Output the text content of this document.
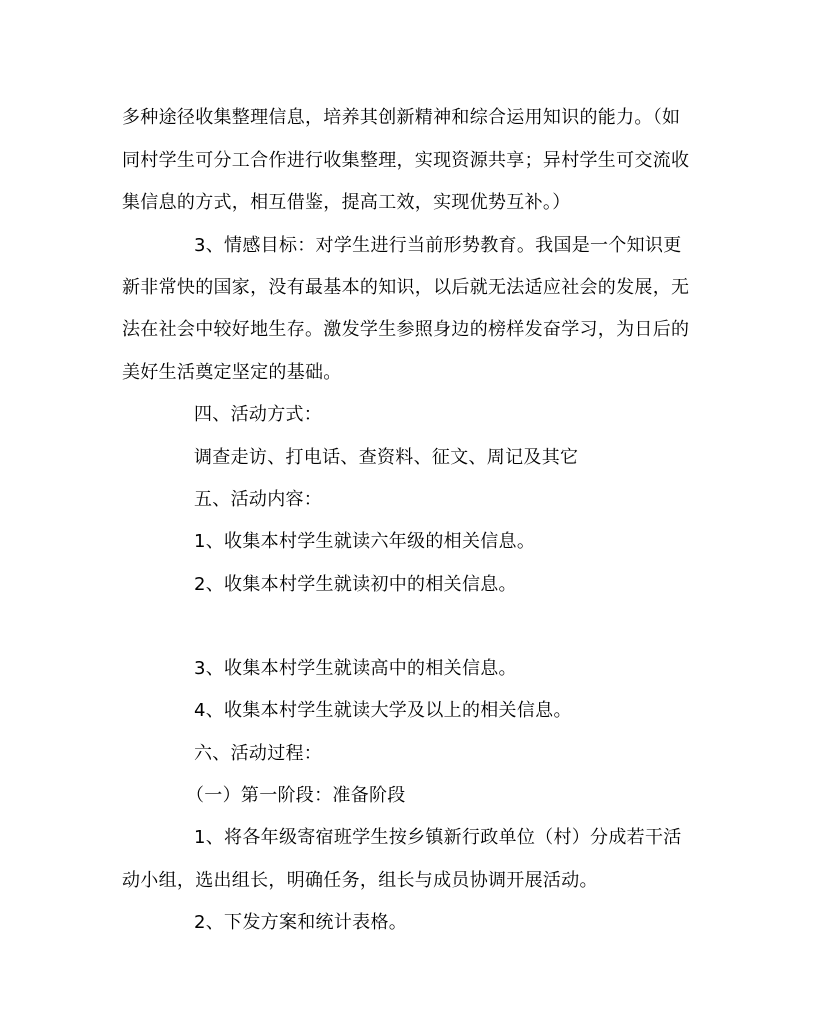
多种途径收集整理信息，培养其创新精神和综合运用知识的能力。（如
同村学生可分工合作进行收集整理，实现资源共享；异村学生可交流收
集信息的方式，相互借鉴，提高工效，实现优势互补。）
3、情感目标：对学生进行当前形势教育。我国是一个知识更
新非常快的国家，没有最基本的知识，以后就无法适应社会的发展，无
法在社会中较好地生存。激发学生参照身边的榜样发奋学习，为日后的
美好生活奠定坚定的基础。
四、活动方式：
调查走访、打电话、查资料、征文、周记及其它
五、活动内容：
1、收集本村学生就读六年级的相关信息。
2、收集本村学生就读初中的相关信息。
3、收集本村学生就读高中的相关信息。
4、收集本村学生就读大学及以上的相关信息。
六、活动过程：
（一）第一阶段：准备阶段
1、将各年级寄宿班学生按乡镇新行政单位（村）分成若干活
动小组，选出组长，明确任务，组长与成员协调开展活动。
2、下发方案和统计表格。
